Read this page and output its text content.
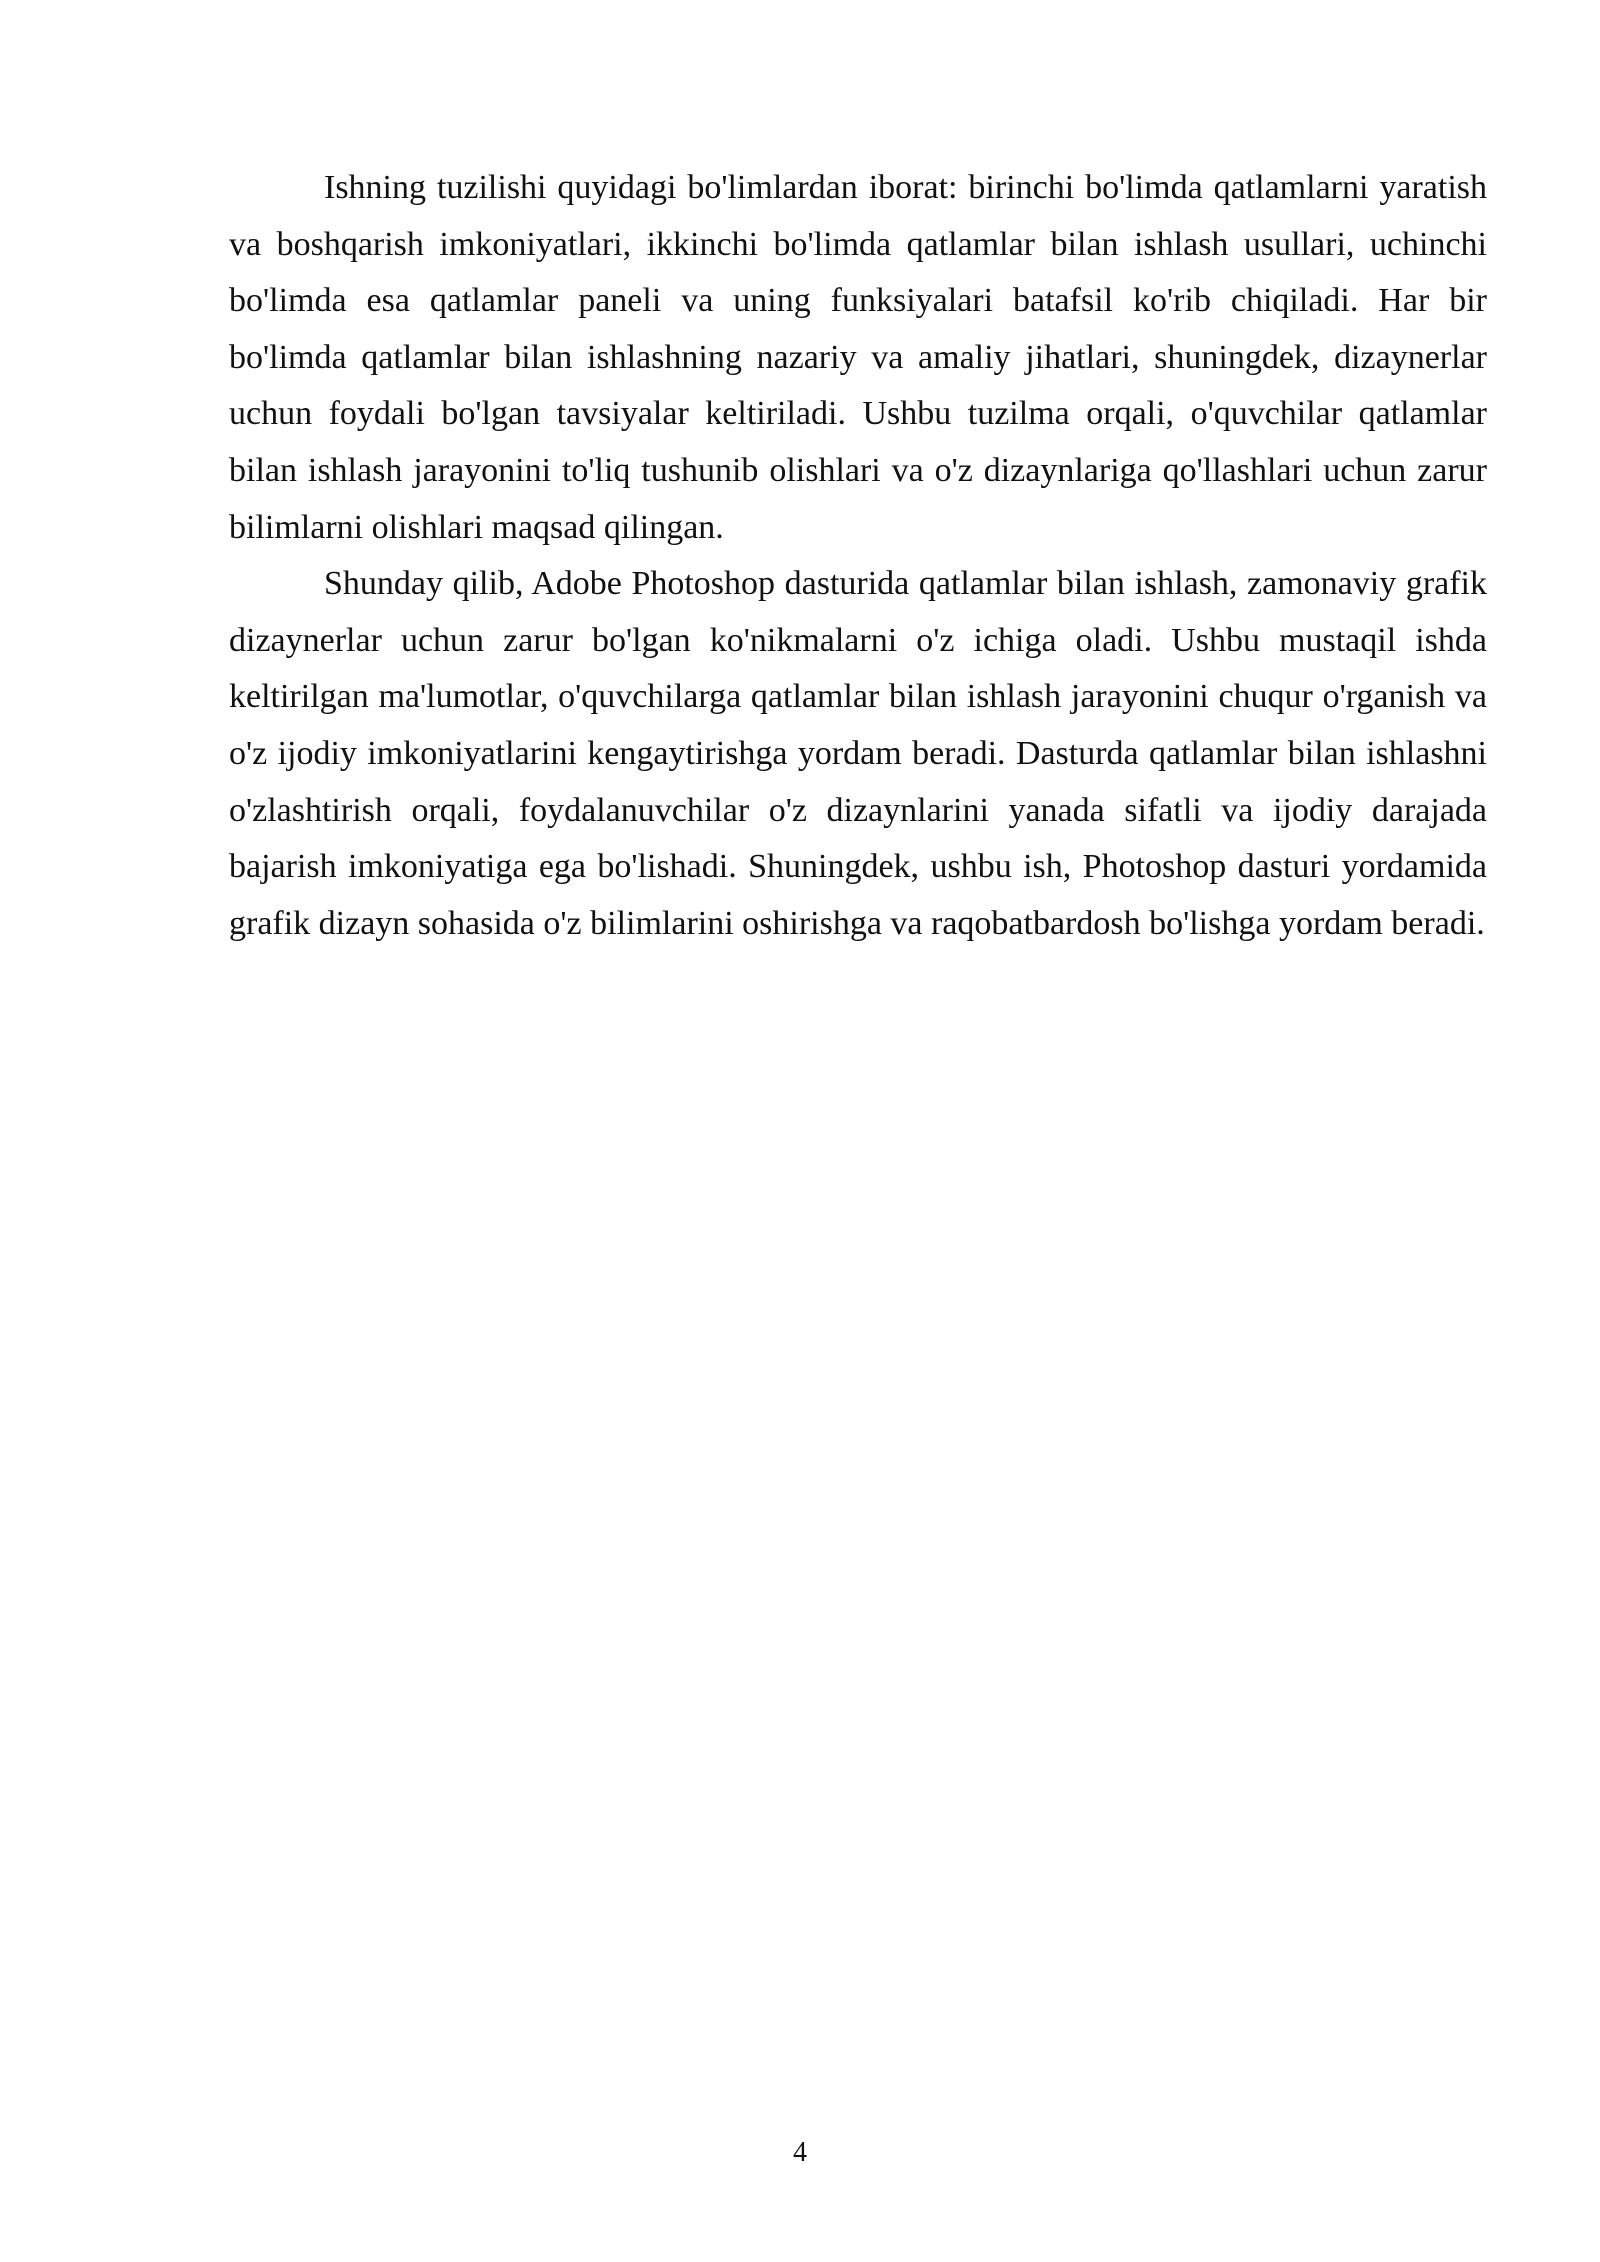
Ishning tuzilishi quyidagi bo'limlardan iborat: birinchi bo'limda qatlamlarni yaratish va boshqarish imkoniyatlari, ikkinchi bo'limda qatlamlar bilan ishlash usullari, uchinchi bo'limda esa qatlamlar paneli va uning funksiyalari batafsil ko'rib chiqiladi. Har bir bo'limda qatlamlar bilan ishlashning nazariy va amaliy jihatlari, shuningdek, dizaynerlar uchun foydali bo'lgan tavsiyalar keltiriladi. Ushbu tuzilma orqali, o'quvchilar qatlamlar bilan ishlash jarayonini to'liq tushunib olishlari va o'z dizaynlariga qo'llashlari uchun zarur bilimlarni olishlari maqsad qilingan.

Shunday qilib, Adobe Photoshop dasturida qatlamlar bilan ishlash, zamonaviy grafik dizaynerlar uchun zarur bo'lgan ko'nikmalarni o'z ichiga oladi. Ushbu mustaqil ishda keltirilgan ma'lumotlar, o'quvchilarga qatlamlar bilan ishlash jarayonini chuqur o'rganish va o'z ijodiy imkoniyatlarini kengaytirishga yordam beradi. Dasturda qatlamlar bilan ishlashni o'zlashtirish orqali, foydalanuvchilar o'z dizaynlarini yanada sifatli va ijodiy darajada bajarish imkoniyatiga ega bo'lishadi. Shuningdek, ushbu ish, Photoshop dasturi yordamida grafik dizayn sohasida o'z bilimlarini oshirishga va raqobatbardosh bo'lishga yordam beradi.

4
